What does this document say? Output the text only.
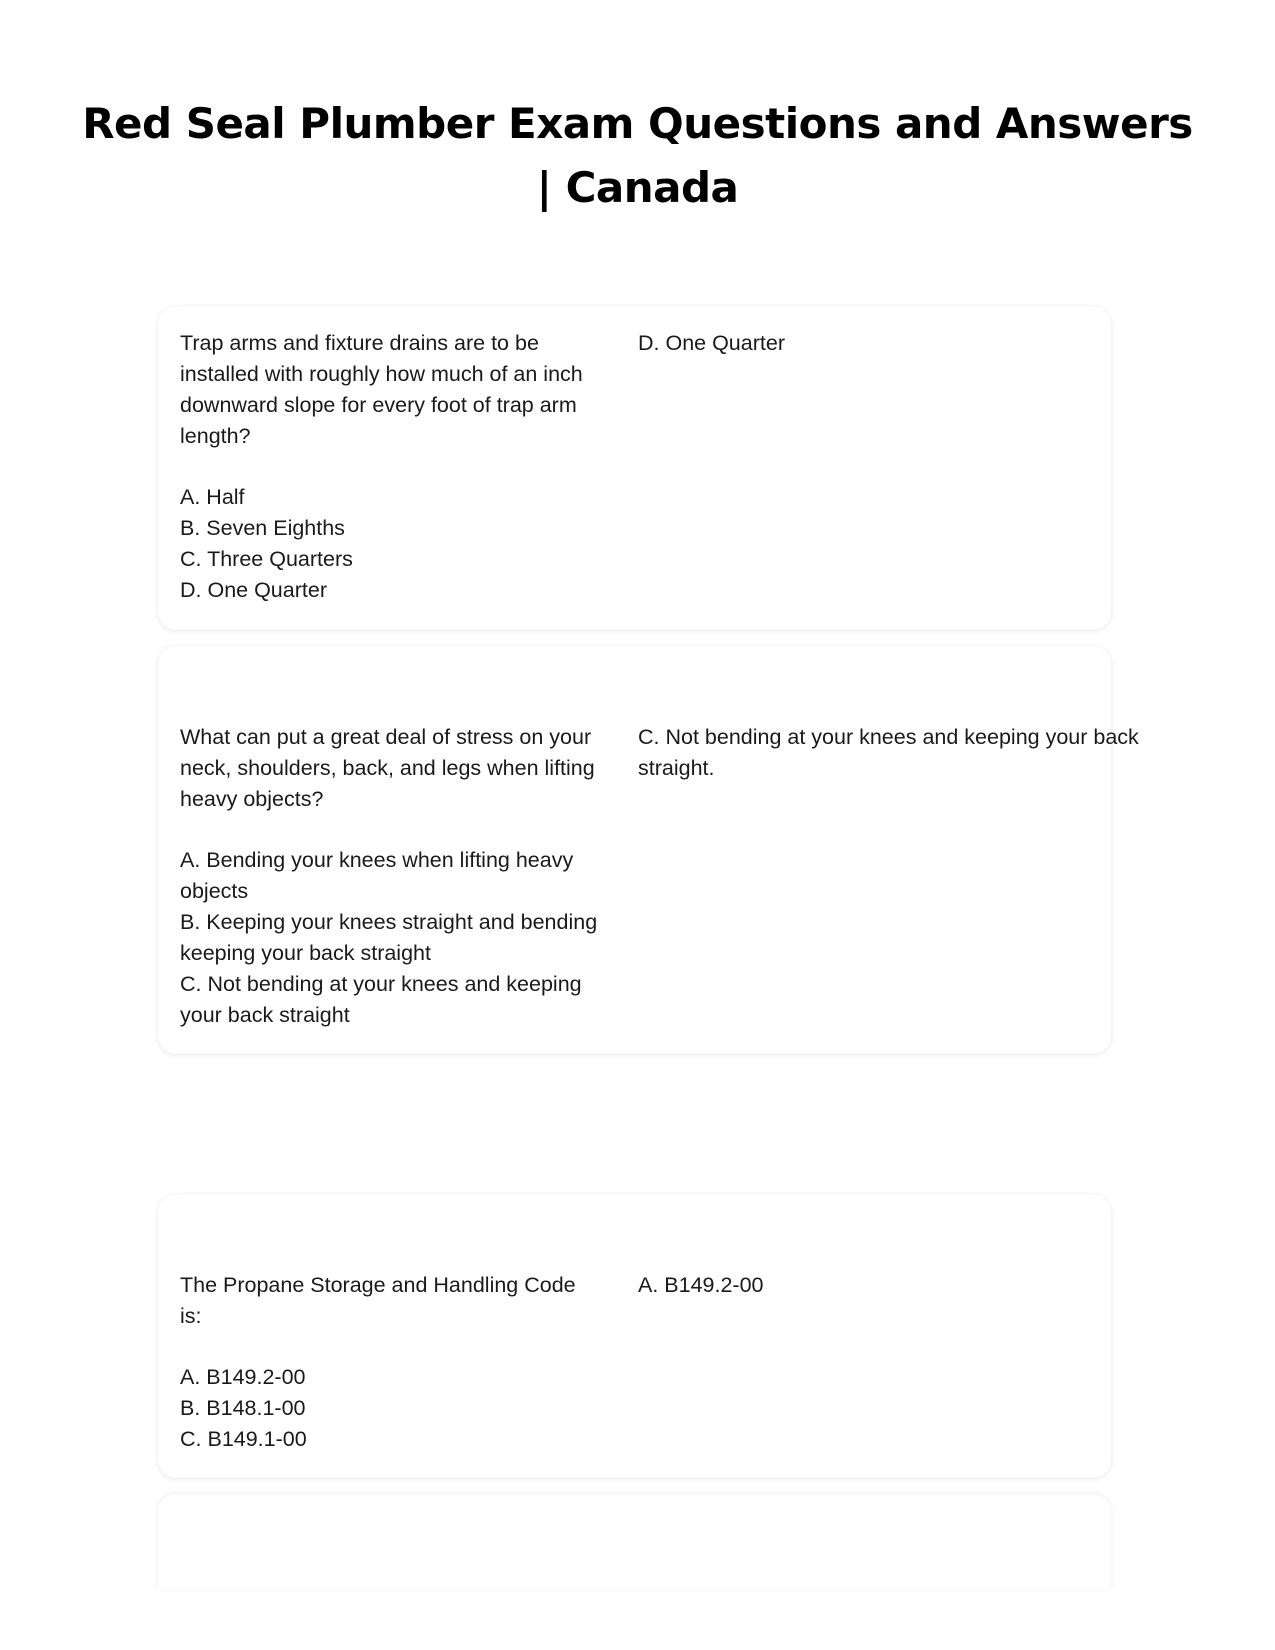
Red Seal Plumber Exam Questions and Answers | Canada

Trap arms and fixture drains are to be installed with roughly how much of an inch downward slope for every foot of trap arm length?

A. Half
B. Seven Eighths
C. Three Quarters
D. One Quarter

D. One Quarter

What can put a great deal of stress on your neck, shoulders, back, and legs when lifting heavy objects?

A. Bending your knees when lifting heavy objects
B. Keeping your knees straight and bending keeping your back straight
C. Not bending at your knees and keeping your back straight

C. Not bending at your knees and keeping your back straight.

The Propane Storage and Handling Code is:

A. B149.2-00
B. B148.1-00
C. B149.1-00

A. B149.2-00
